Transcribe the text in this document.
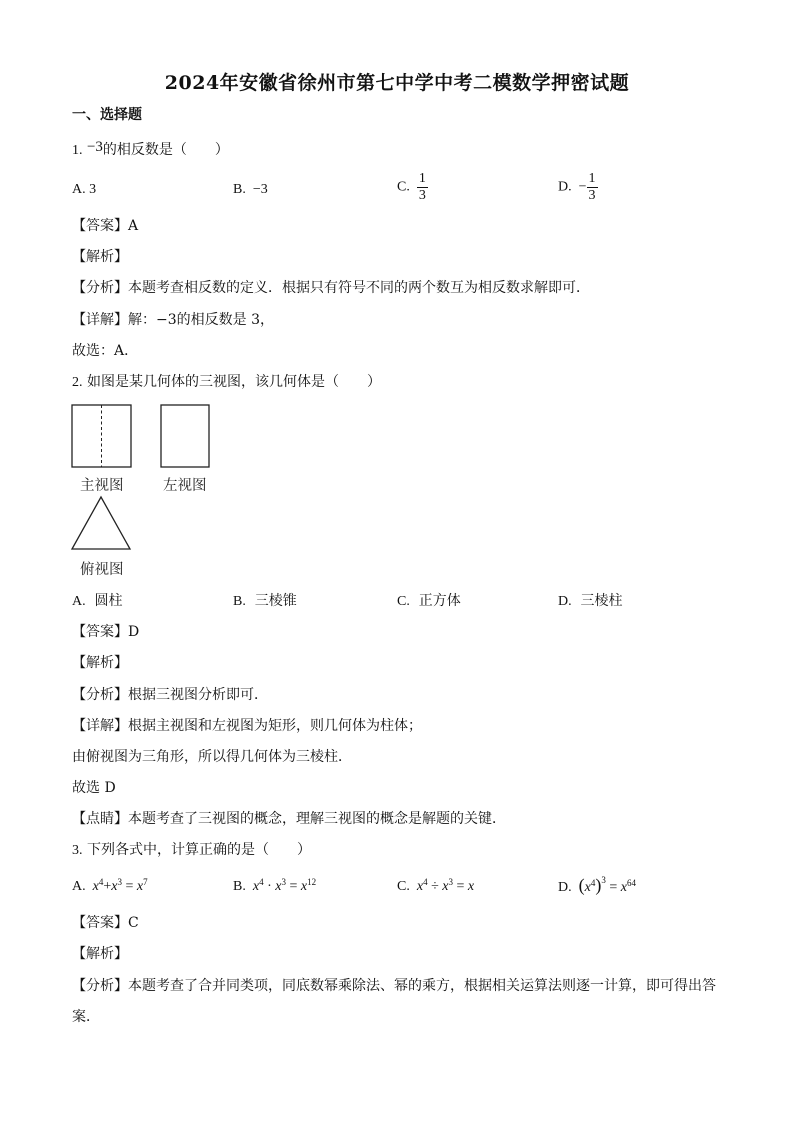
2024年安徽省徐州市第七中学中考二模数学押密试题
一、选择题
1. −3的相反数是（　　）
A. 3	B. −3	C. $\frac{1}{3}$	D. − $\frac{1}{3}$
【答案】A
【解析】
【分析】本题考查相反数的定义．根据只有符号不同的两个数互为相反数求解即可．
【详解】解：−3的相反数是 3，
故选：A．
2. 如图是某几何体的三视图，该几何体是（　　）
主视图	左视图
俯视图
A. 圆柱	B. 三棱锥	C. 正方体	D. 三棱柱
【答案】D
【解析】
【分析】根据三视图分析即可．
【详解】根据主视图和左视图为矩形，则几何体为柱体；
由俯视图为三角形，所以得几何体为三棱柱．
故选 D
【点睛】本题考查了三视图的概念，理解三视图的概念是解题的关键．
3. 下列各式中，计算正确的是（　　）
A. $x^4+x^3 = x^7$	B. $x^4 \cdot x^3 = x^{12}$	C. $x^4 \div x^3 = x$	D. $(x^4)^3 = x^{64}$
【答案】C
【解析】
【分析】本题考查了合并同类项，同底数幂乘除法、幂的乘方，根据相关运算法则逐一计算，即可得出答
案．
